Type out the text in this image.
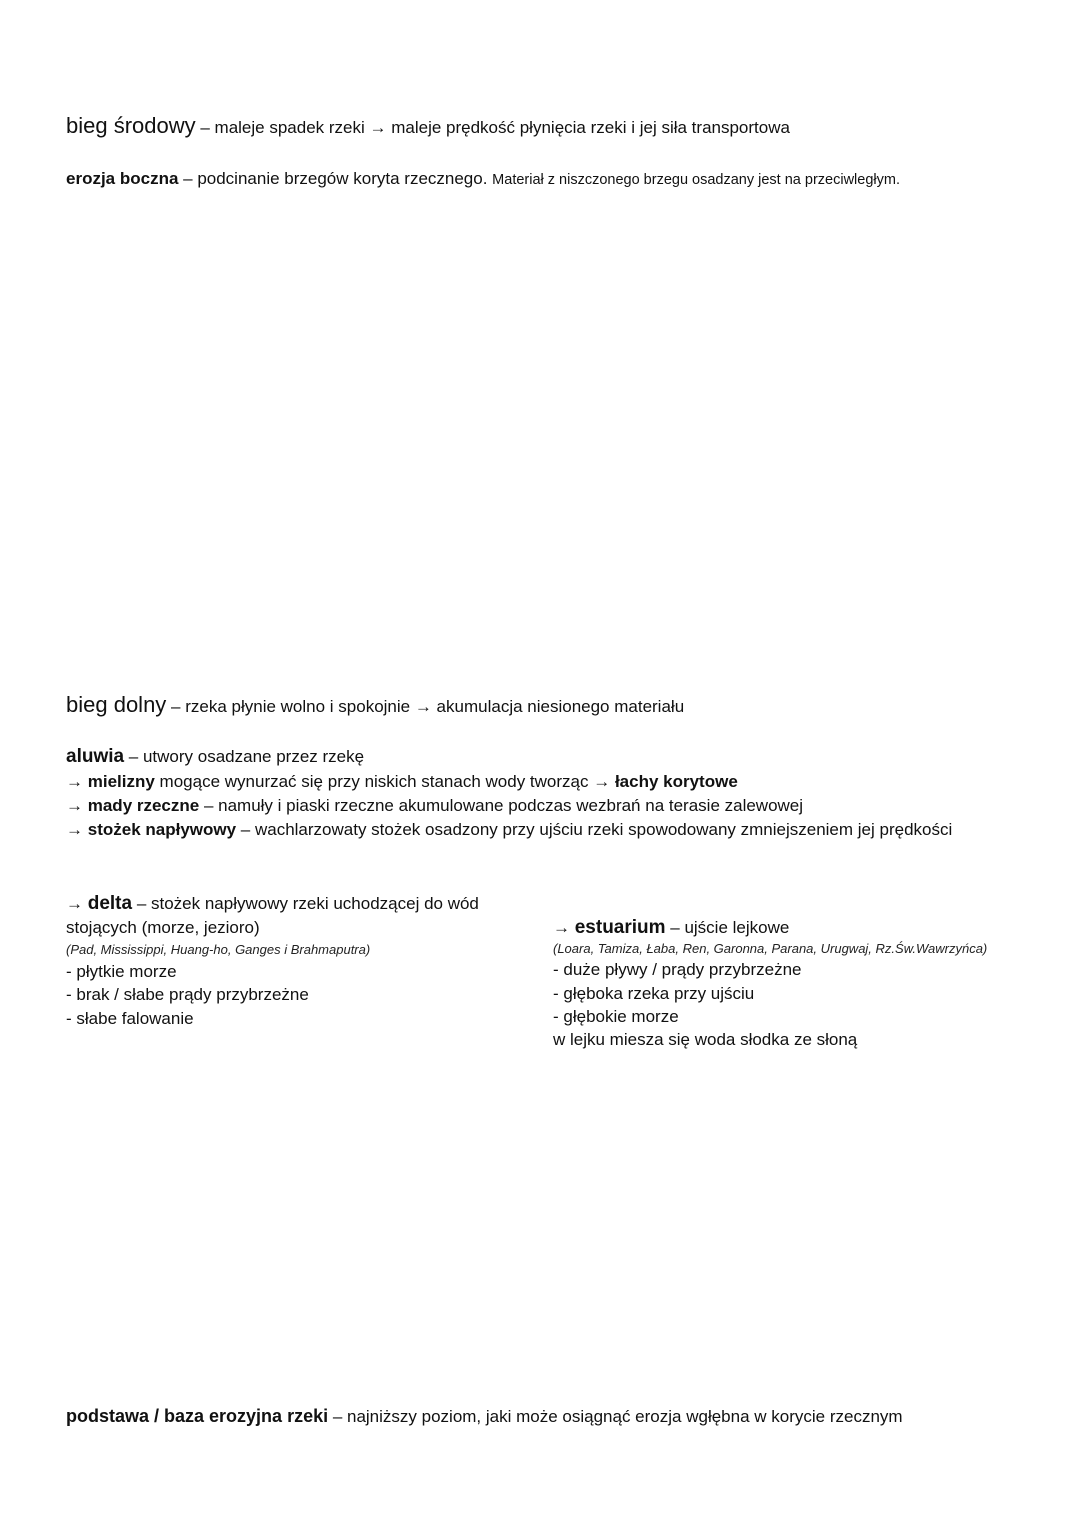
bieg środowy – maleje spadek rzeki → maleje prędkość płynięcia rzeki i jej siła transportowa
erozja boczna – podcinanie brzegów koryta rzecznego. Materiał z niszczonego brzegu osadzany jest na przeciwległym.
bieg dolny – rzeka płynie wolno i spokojnie → akumulacja niesionego materiału
aluwia – utwory osadzane przez rzekę
→ mielizny mogące wynurzać się przy niskich stanach wody tworząc → łachy korytowe
→ mady rzeczne – namuły i piaski rzeczne akumulowane podczas wezbrań na terasie zalewowej
→ stożek napływowy – wachlarzowaty stożek osadzony przy ujściu rzeki spowodowany zmniejszeniem jej prędkości
→ delta – stożek napływowy rzeki uchodzącej do wód
stojących (morze, jezioro)
(Pad, Mississippi, Huang-ho, Ganges i Brahmaputra)
- płytkie morze
- brak / słabe prądy przybrzeżne
- słabe falowanie
→ estuarium – ujście lejkowe
(Loara, Tamiza, Łaba, Ren, Garonna, Parana, Urugwaj, Rz.Św.Wawrzyńca)
- duże pływy / prądy przybrzeżne
- głęboka rzeka przy ujściu
- głębokie morze
w lejku miesza się woda słodka ze słoną
podstawa / baza erozyjna rzeki – najniższy poziom, jaki może osiągnąć erozja wgłębna w korycie rzecznym
